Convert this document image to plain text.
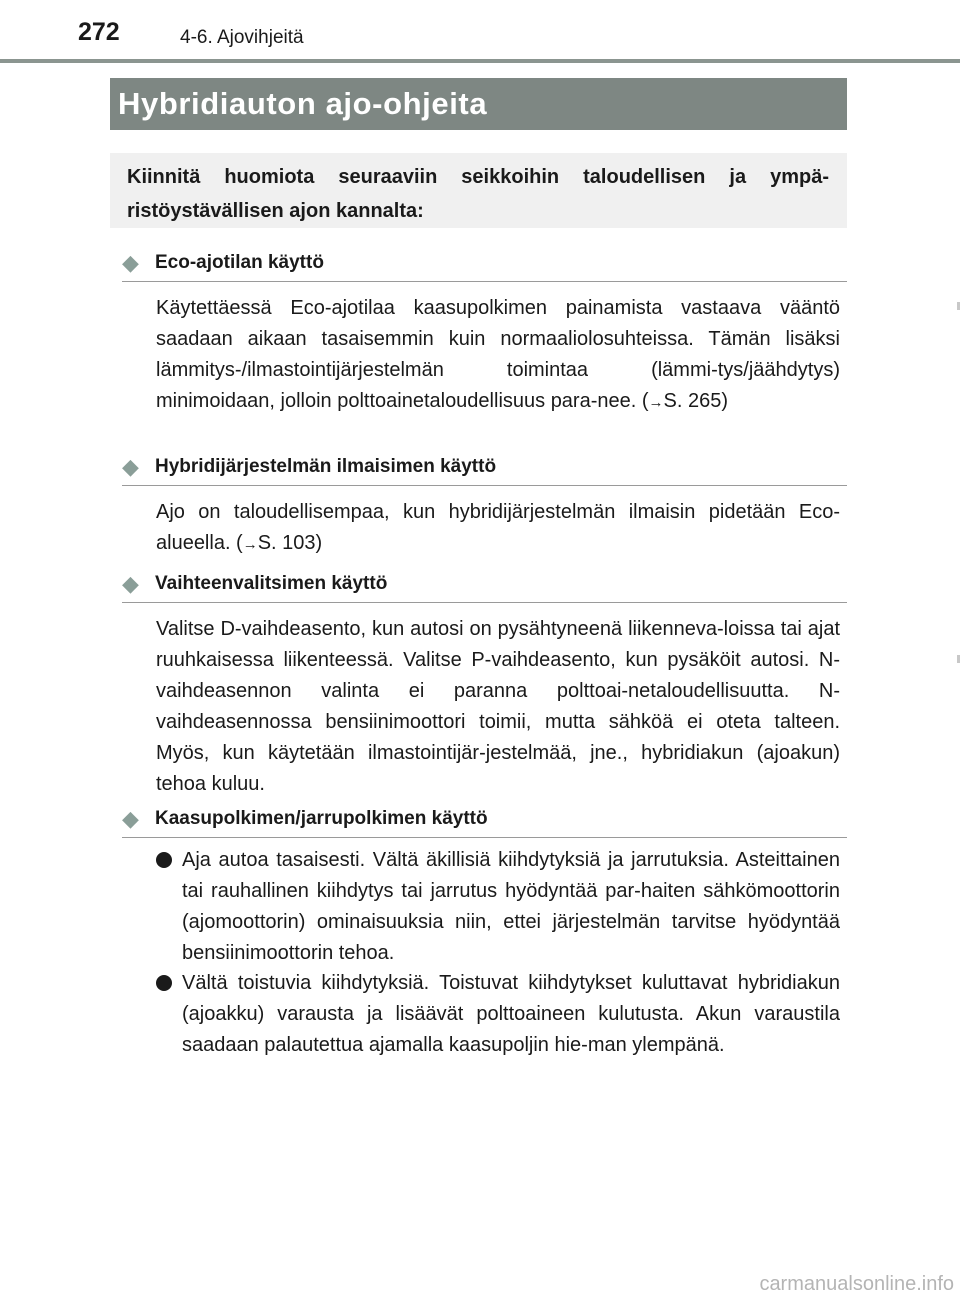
272	4-6. Ajovihjeitä
Hybridiauton ajo-ohjeita
Kiinnitä huomiota seuraaviin seikkoihin taloudellisen ja ympä-ristöystävällisen ajon kannalta:
◆ Eco-ajotilan käyttö
Käytettäessä Eco-ajotilaa kaasupolkimen painamista vastaava vääntö saadaan aikaan tasaisemmin kuin normaaliolosuhteissa. Tämän lisäksi lämmitys-/ilmastointijärjestelmän toimintaa (lämmi-tys/jäähdytys) minimoidaan, jolloin polttoainetaloudellisuus para-nee. (→S. 265)
◆ Hybridijärjestelmän ilmaisimen käyttö
Ajo on taloudellisempaa, kun hybridijärjestelmän ilmaisin pidetään Eco-alueella. (→S. 103)
◆ Vaihteenvalitsimen käyttö
Valitse D-vaihdeasento, kun autosi on pysähtyneenä liikenneva-loissa tai ajat ruuhkaisessa liikenteessä. Valitse P-vaihdeasento, kun pysäköit autosi. N-vaihdeasennon valinta ei paranna polttoai-netaloudellisuutta. N-vaihdeasennossa bensiinimoottori toimii, mutta sähköä ei oteta talteen. Myös, kun käytetään ilmastointijär-jestelmää, jne., hybridiakun (ajoakun) tehoa kuluu.
◆ Kaasupolkimen/jarrupolkimen käyttö
Aja autoa tasaisesti. Vältä äkillisiä kiihdytyksiä ja jarrutuksia. Asteittainen tai rauhallinen kiihdytys tai jarrutus hyödyntää par-haiten sähkömoottorin (ajomoottorin) ominaisuuksia niin, ettei järjestelmän tarvitse hyödyntää bensiinimoottorin tehoa.
Vältä toistuvia kiihdytyksiä. Toistuvat kiihdytykset kuluttavat hybridiakun (ajoakku) varausta ja lisäävät polttoaineen kulutusta. Akun varaustila saadaan palautettua ajamalla kaasupoljin hie-man ylempänä.
carmanualsonline.info
